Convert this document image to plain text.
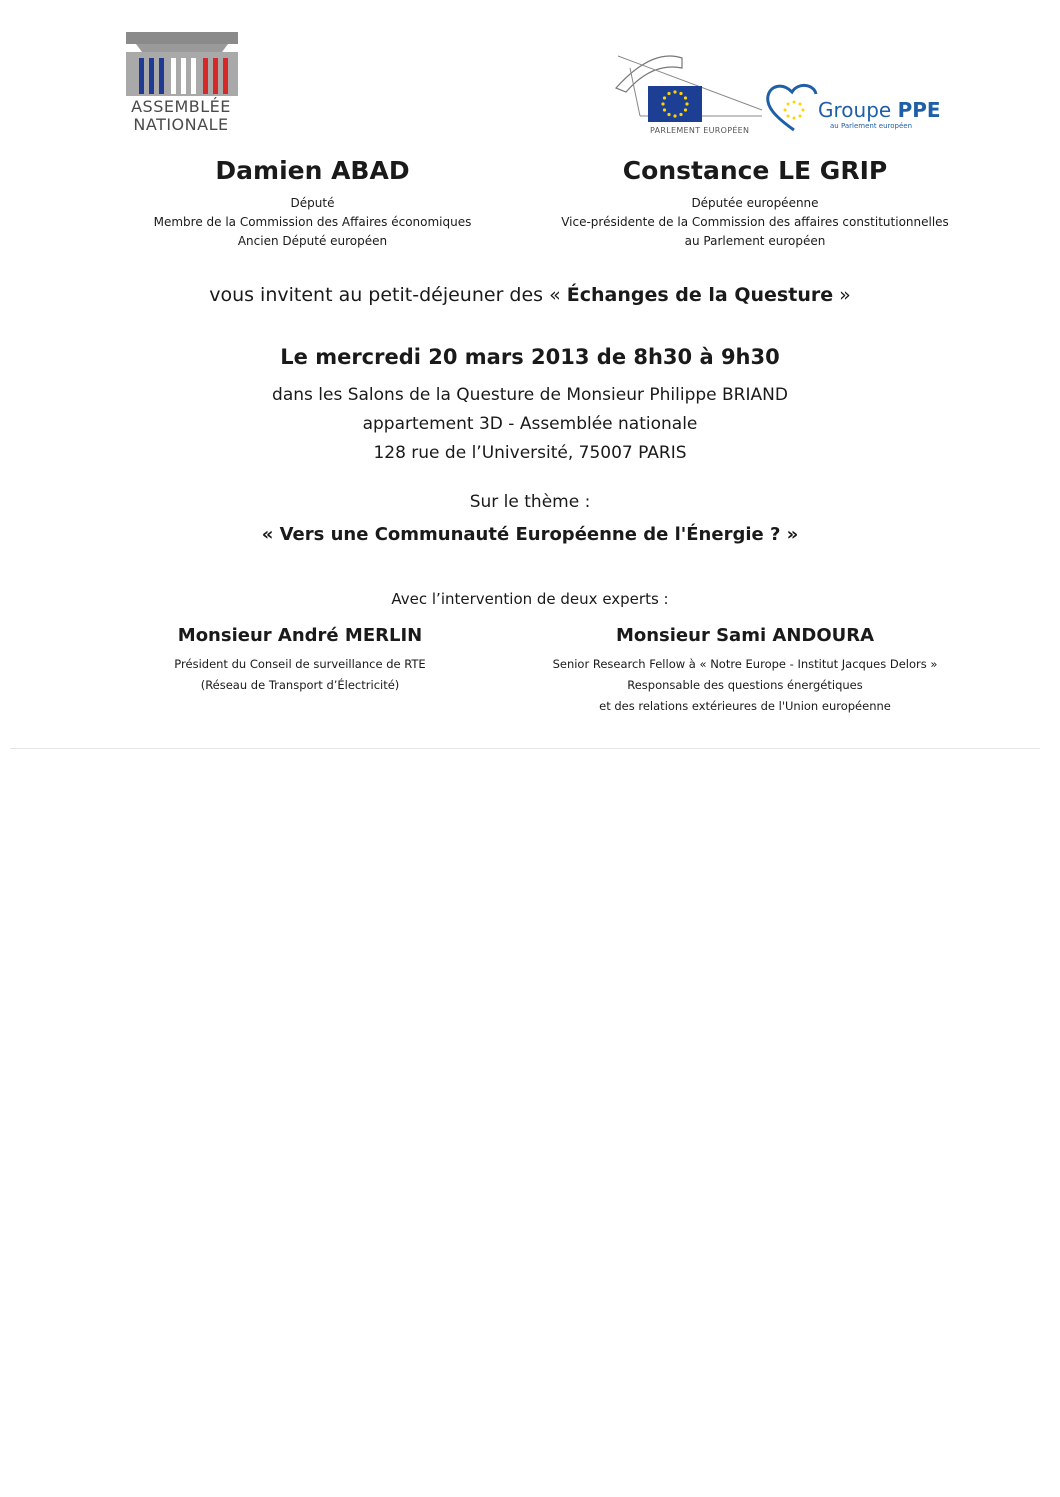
ASSEMBLÉE
NATIONALE	PARLEMENT EUROPÉEN
Groupe PPE
au Parlement européen
Damien ABAD
Député
Membre de la Commission des Affaires économiques
Ancien Député européen
Constance LE GRIP
Députée européenne
Vice-présidente de la Commission des affaires constitutionnelles
au Parlement européen
vous invitent au petit-déjeuner des « Échanges de la Questure »
Le mercredi 20 mars 2013 de 8h30 à 9h30
dans les Salons de la Questure de Monsieur Philippe BRIAND
appartement 3D - Assemblée nationale
128 rue de l’Université, 75007 PARIS
Sur le thème :
« Vers une Communauté Européenne de l'Énergie ? »
Avec l’intervention de deux experts :
Monsieur André MERLIN
Président du Conseil de surveillance de RTE
(Réseau de Transport d’Électricité)
Monsieur Sami ANDOURA
Senior Research Fellow à « Notre Europe - Institut Jacques Delors »
Responsable des questions énergétiques
et des relations extérieures de l'Union européenne
